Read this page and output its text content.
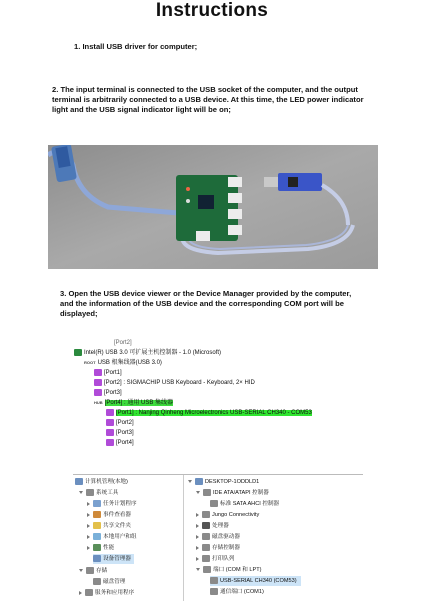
Instructions
1. Install USB driver for computer;
2. The input terminal is connected to the USB socket of the computer, and the output terminal is arbitrarily connected to a USB device. At this time, the LED power indicator light and the USB signal indicator light will be on;
3. Open the USB device viewer or the Device Manager provided by the computer, and the information of the USB device and the corresponding COM port will be displayed;
[Port2]
Intel(R) USB 3.0 可扩展主机控制器 - 1.0 (Microsoft)
ROOT USB 根集线器(USB 3.0)
[Port1]
[Port2] : SIGMACHIP USB Keyboard - Keyboard, 2× HID
[Port3]
HUB [Port4] : 通用 USB 集线器
[Port1] : Nanjing Qinheng Microelectronics USB-SERIAL CH340 - COM53
[Port2]
[Port3]
[Port4]
计算机管理(本地)
系统工具
任务计划程序
事件查看器
共享文件夹
本地用户和组
性能
设备管理器
存储
磁盘管理
服务和应用程序
DESKTOP-1ODDLD1
IDE ATA/ATAPI 控制器
标准 SATA AHCI 控制器
Jungo Connectivity
处理器
磁盘驱动器
存储控制器
打印队列
端口 (COM 和 LPT)
USB-SERIAL CH340 (COM53)
通信端口 (COM1)
